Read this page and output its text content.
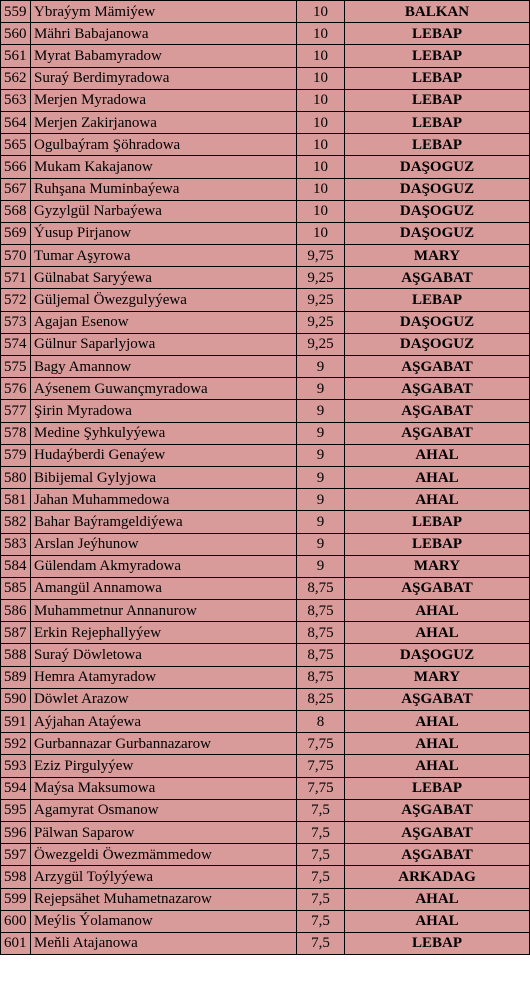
559	Ybraýym Mämiýew	10	BALKAN
560	Mähri Babajanowa	10	LEBAP
561	Myrat Babamyradow	10	LEBAP
562	Suraý Berdimyradowa	10	LEBAP
563	Merjen Myradowa	10	LEBAP
564	Merjen Zakirjanowa	10	LEBAP
565	Ogulbaýram Şöhradowa	10	LEBAP
566	Mukam Kakajanow	10	DAŞOGUZ
567	Ruhşana Muminbaýewa	10	DAŞOGUZ
568	Gyzylgül Narbaýewa	10	DAŞOGUZ
569	Ýusup Pirjanow	10	DAŞOGUZ
570	Tumar Aşyrowa	9,75	MARY
571	Gülnabat Saryýewa	9,25	AŞGABAT
572	Güljemal Öwezgulyýewa	9,25	LEBAP
573	Agajan Esenow	9,25	DAŞOGUZ
574	Gülnur Saparlyjowa	9,25	DAŞOGUZ
575	Bagy Amannow	9	AŞGABAT
576	Aýsenem Guwançmyradowa	9	AŞGABAT
577	Şirin Myradowa	9	AŞGABAT
578	Medine Şyhkulyýewa	9	AŞGABAT
579	Hudaýberdi Genaýew	9	AHAL
580	Bibijemal Gylyjowa	9	AHAL
581	Jahan Muhammedowa	9	AHAL
582	Bahar Baýramgeldiýewa	9	LEBAP
583	Arslan Jeýhunow	9	LEBAP
584	Gülendam Akmyradowa	9	MARY
585	Amangül Annamowa	8,75	AŞGABAT
586	Muhammetnur Annanurow	8,75	AHAL
587	Erkin Rejephallyýew	8,75	AHAL
588	Suraý Döwletowa	8,75	DAŞOGUZ
589	Hemra Atamyradow	8,75	MARY
590	Döwlet Arazow	8,25	AŞGABAT
591	Aýjahan Ataýewa	8	AHAL
592	Gurbannazar Gurbannazarow	7,75	AHAL
593	Eziz Pirgulyýew	7,75	AHAL
594	Maýsa Maksumowa	7,75	LEBAP
595	Agamyrat Osmanow	7,5	AŞGABAT
596	Pälwan Saparow	7,5	AŞGABAT
597	Öwezgeldi Öwezmämmedow	7,5	AŞGABAT
598	Arzygül Toýlyýewa	7,5	ARKADAG
599	Rejepsähet Muhametnazarow	7,5	AHAL
600	Meýlis Ýolamanow	7,5	AHAL
601	Meňli Atajanowa	7,5	LEBAP
